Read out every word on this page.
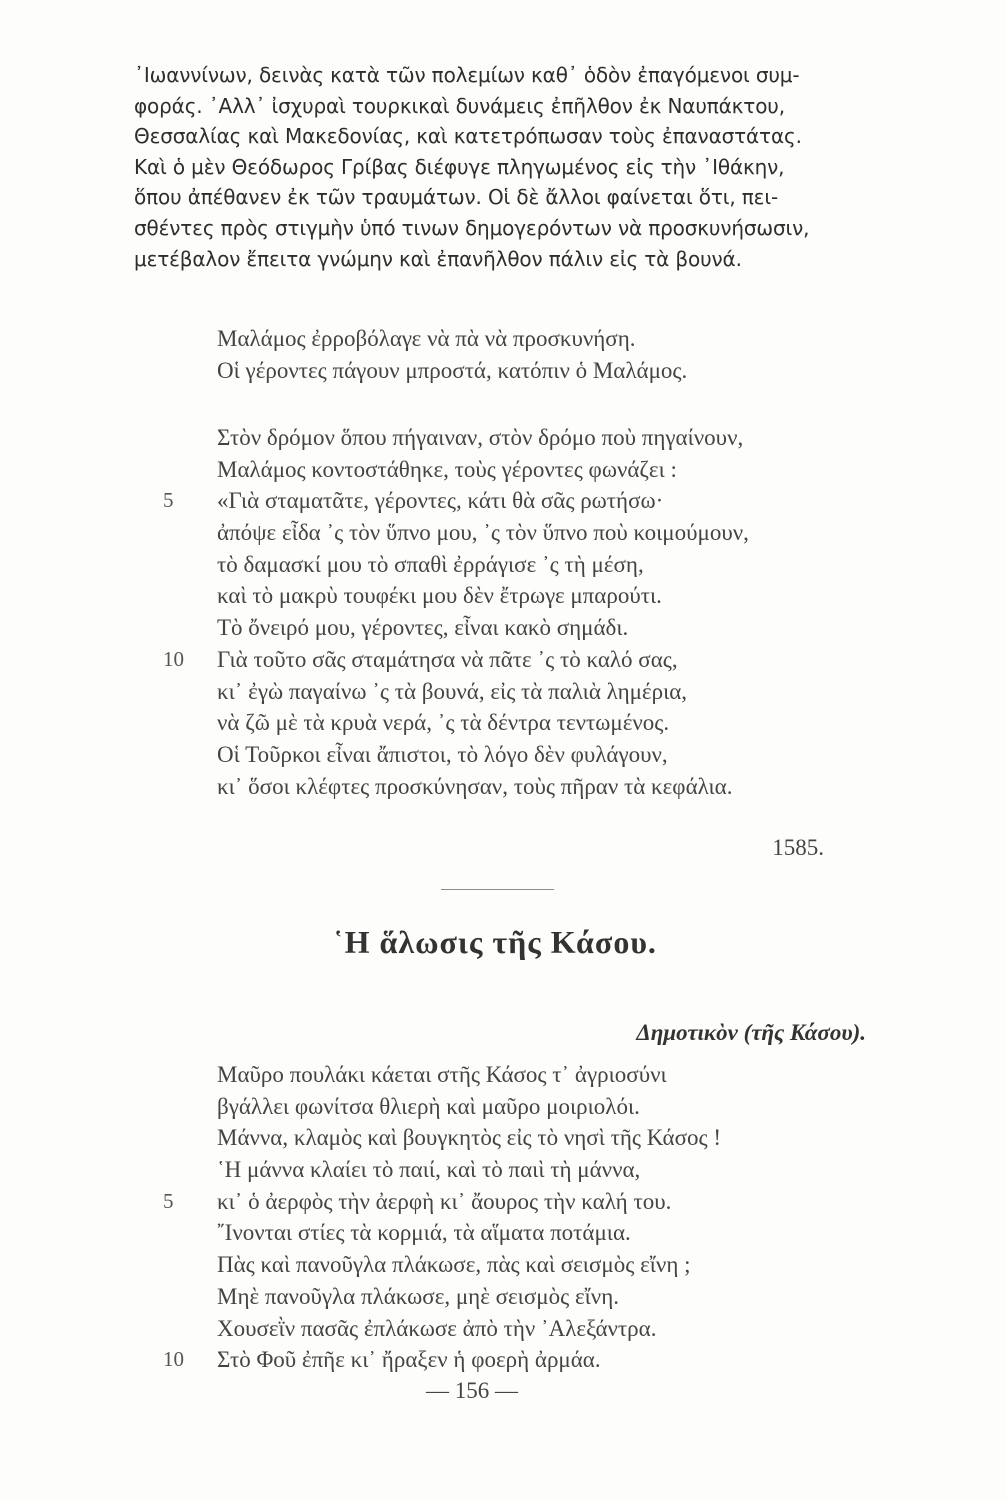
᾿Ιωαννίνων, δεινὰς κατὰ τῶν πολεμίων καθ᾿ ὁδὸν ἐπαγόμενοι συμ-
φοράς. ᾿Αλλ᾿ ἰσχυραὶ τουρκικαὶ δυνάμεις ἐπῆλθον ἐκ Ναυπάκτου,
Θεσσαλίας καὶ Μακεδονίας, καὶ κατετρόπωσαν τοὺς ἐπαναστάτας.
Καὶ ὁ μὲν Θεόδωρος Γρίβας διέφυγε πληγωμένος εἰς τὴν ᾿Ιθάκην,
ὅπου ἀπέθανεν ἐκ τῶν τραυμάτων. Οἱ δὲ ἄλλοι φαίνεται ὅτι, πει-
σθέντες πρὸς στιγμὴν ὑπό τινων δημογερόντων νὰ προσκυνήσωσιν,
μετέβαλον ἔπειτα γνώμην καὶ ἐπανῆλθον πάλιν εἰς τὰ βουνά.
Μαλάμος ἐρροβόλαγε νὰ πὰ νὰ προσκυνήση.
Οἱ γέροντες πάγουν μπροστά, κατόπιν ὁ Μαλάμος.
Στὸν δρόμον ὅπου πήγαιναν, στὸν δρόμο ποὺ πηγαίνουν,
Μαλάμος κοντοστάθηκε, τοὺς γέροντες φωνάζει :
5 «Γιὰ σταματᾶτε, γέροντες, κάτι θὰ σᾶς ρωτήσω·
ἀπόψε εἶδα ᾿ς τὸν ὕπνο μου, ᾿ς τὸν ὕπνο ποὺ κοιμούμουν,
τὸ δαμασκί μου τὸ σπαθὶ ἐρράγισε ᾿ς τὴ μέση,
καὶ τὸ μακρὺ τουφέκι μου δὲν ἔτρωγε μπαρούτι.
Τὸ ὄνειρό μου, γέροντες, εἶναι κακὸ σημάδι.
10 Γιὰ τοῦτο σᾶς σταμάτησα νὰ πᾶτε ᾿ς τὸ καλό σας,
κι᾿ ἐγὼ παγαίνω ᾿ς τὰ βουνά, εἰς τὰ παλιὰ λημέρια,
νὰ ζῶ μὲ τὰ κρυὰ νερά, ᾿ς τὰ δέντρα τεντωμένος.
Οἱ Τοῦρκοι εἶναι ἄπιστοι, τὸ λόγο δὲν φυλάγουν,
κι᾿ ὅσοι κλέφτες προσκύνησαν, τοὺς πῆραν τὰ κεφάλια.
1585.
῾Η ἅλωσις τῆς Κάσου.
Δημοτικὸν (τῆς Κάσου).
Μαῦρο πουλάκι κάεται στῆς Κάσος τ᾿ ἀγριοσύνι
βγάλλει φωνίτσα θλιερὴ καὶ μαῦρο μοιριολόι.
Μάννα, κλαμὸς καὶ βουγκητὸς εἰς τὸ νησὶ τῆς Κάσος !
῾Η μάννα κλαίει τὸ παιί, καὶ τὸ παιὶ τὴ μάννα,
5 κι᾿ ὁ ἀερφὸς τὴν ἀερφὴ κι᾿ ἄουρος τὴν καλή του.
῎Ινονται στίες τὰ κορμιά, τὰ αἵματα ποτάμια.
Πὰς καὶ πανοῦγλα πλάκωσε, πὰς καὶ σεισμὸς εἴνη ;
Μηὲ πανοῦγλα πλάκωσε, μηὲ σεισμὸς εἴνη.
Χουσεῒν πασᾶς ἐπλάκωσε ἀπὸ τὴν ᾿Αλεξάντρα.
10 Στὸ Φοῦ ἐπῆε κι᾿ ἤραξεν ἡ φοερὴ ἀρμάα.
— 156 —
